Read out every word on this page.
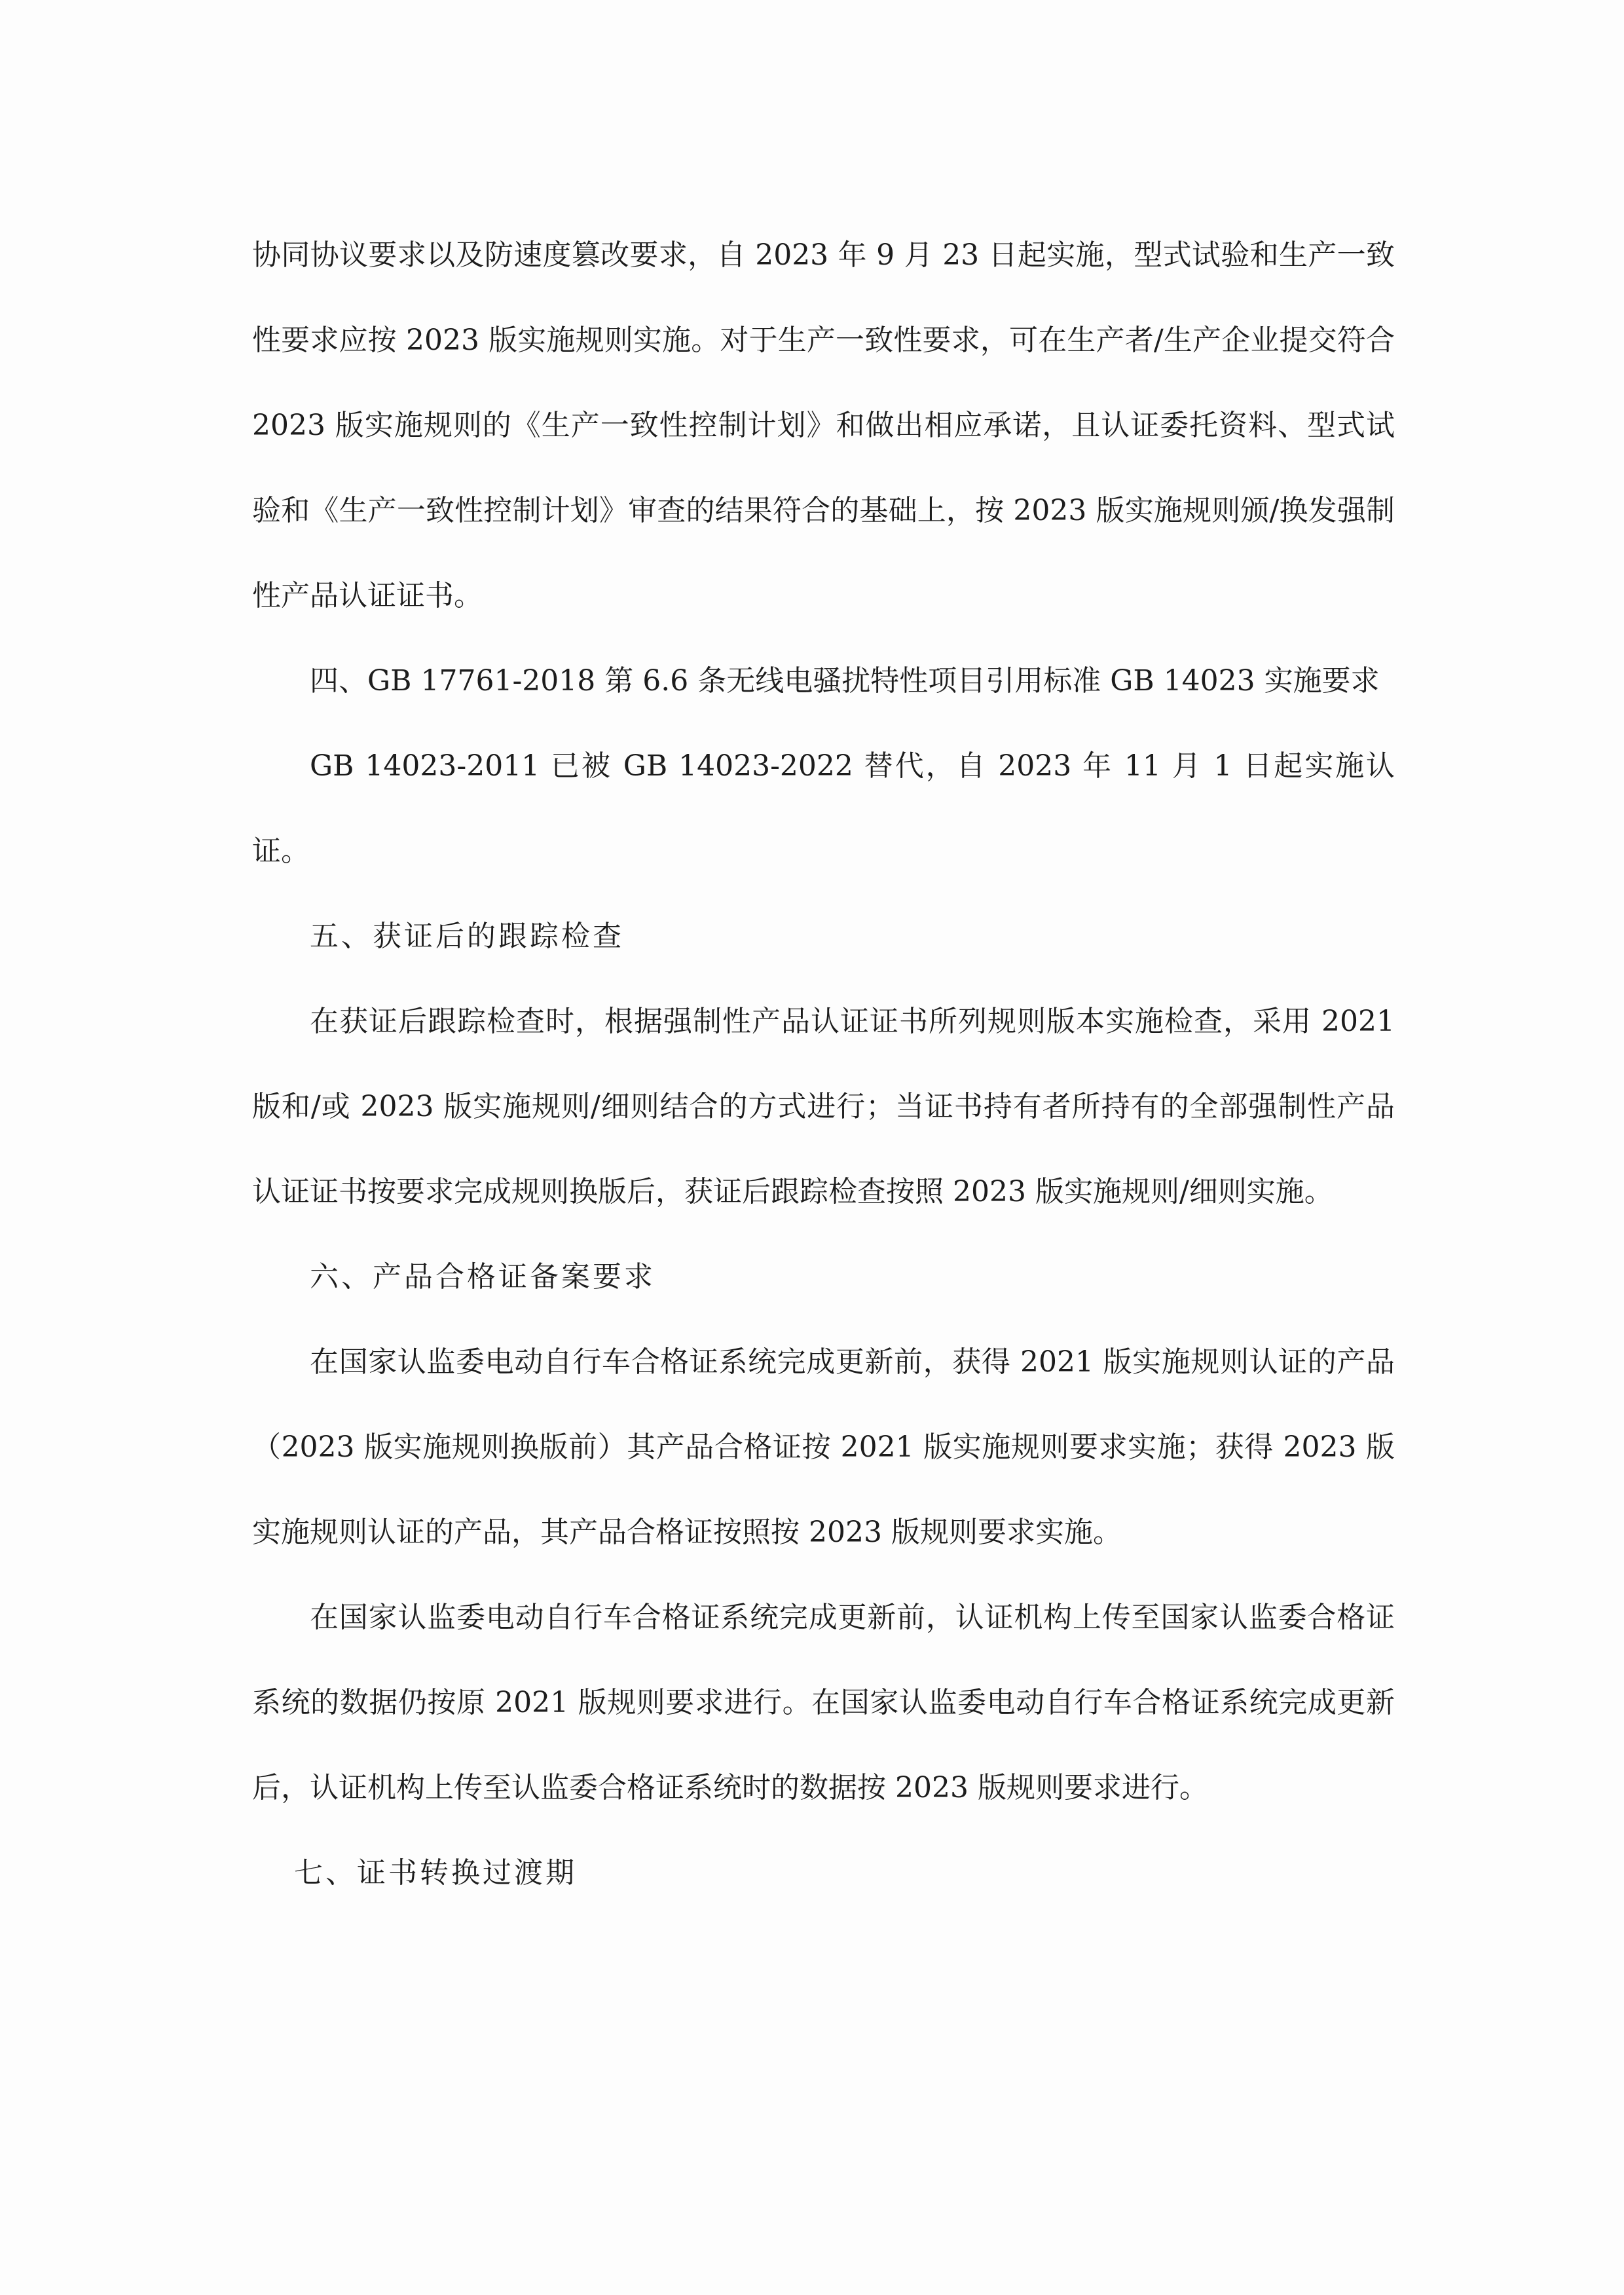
协同协议要求以及防速度篡改要求，自 2023 年 9 月 23 日起实施，型式试验和生产一致性要求应按 2023 版实施规则实施。对于生产一致性要求，可在生产者/生产企业提交符合 2023 版实施规则的《生产一致性控制计划》和做出相应承诺，且认证委托资料、型式试验和《生产一致性控制计划》审查的结果符合的基础上，按 2023 版实施规则颁/换发强制性产品认证证书。

四、GB 17761-2018 第 6.6 条无线电骚扰特性项目引用标准 GB 14023 实施要求

GB 14023-2011 已被 GB 14023-2022 替代，自 2023 年 11 月 1 日起实施认证。

五、获证后的跟踪检查

在获证后跟踪检查时，根据强制性产品认证证书所列规则版本实施检查，采用 2021 版和/或 2023 版实施规则/细则结合的方式进行；当证书持有者所持有的全部强制性产品认证证书按要求完成规则换版后，获证后跟踪检查按照 2023 版实施规则/细则实施。

六、产品合格证备案要求

在国家认监委电动自行车合格证系统完成更新前，获得 2021 版实施规则认证的产品（2023 版实施规则换版前）其产品合格证按 2021 版实施规则要求实施；获得 2023 版实施规则认证的产品，其产品合格证按照按 2023 版规则要求实施。

在国家认监委电动自行车合格证系统完成更新前，认证机构上传至国家认监委合格证系统的数据仍按原 2021 版规则要求进行。在国家认监委电动自行车合格证系统完成更新后，认证机构上传至认监委合格证系统时的数据按 2023 版规则要求进行。

七、证书转换过渡期
